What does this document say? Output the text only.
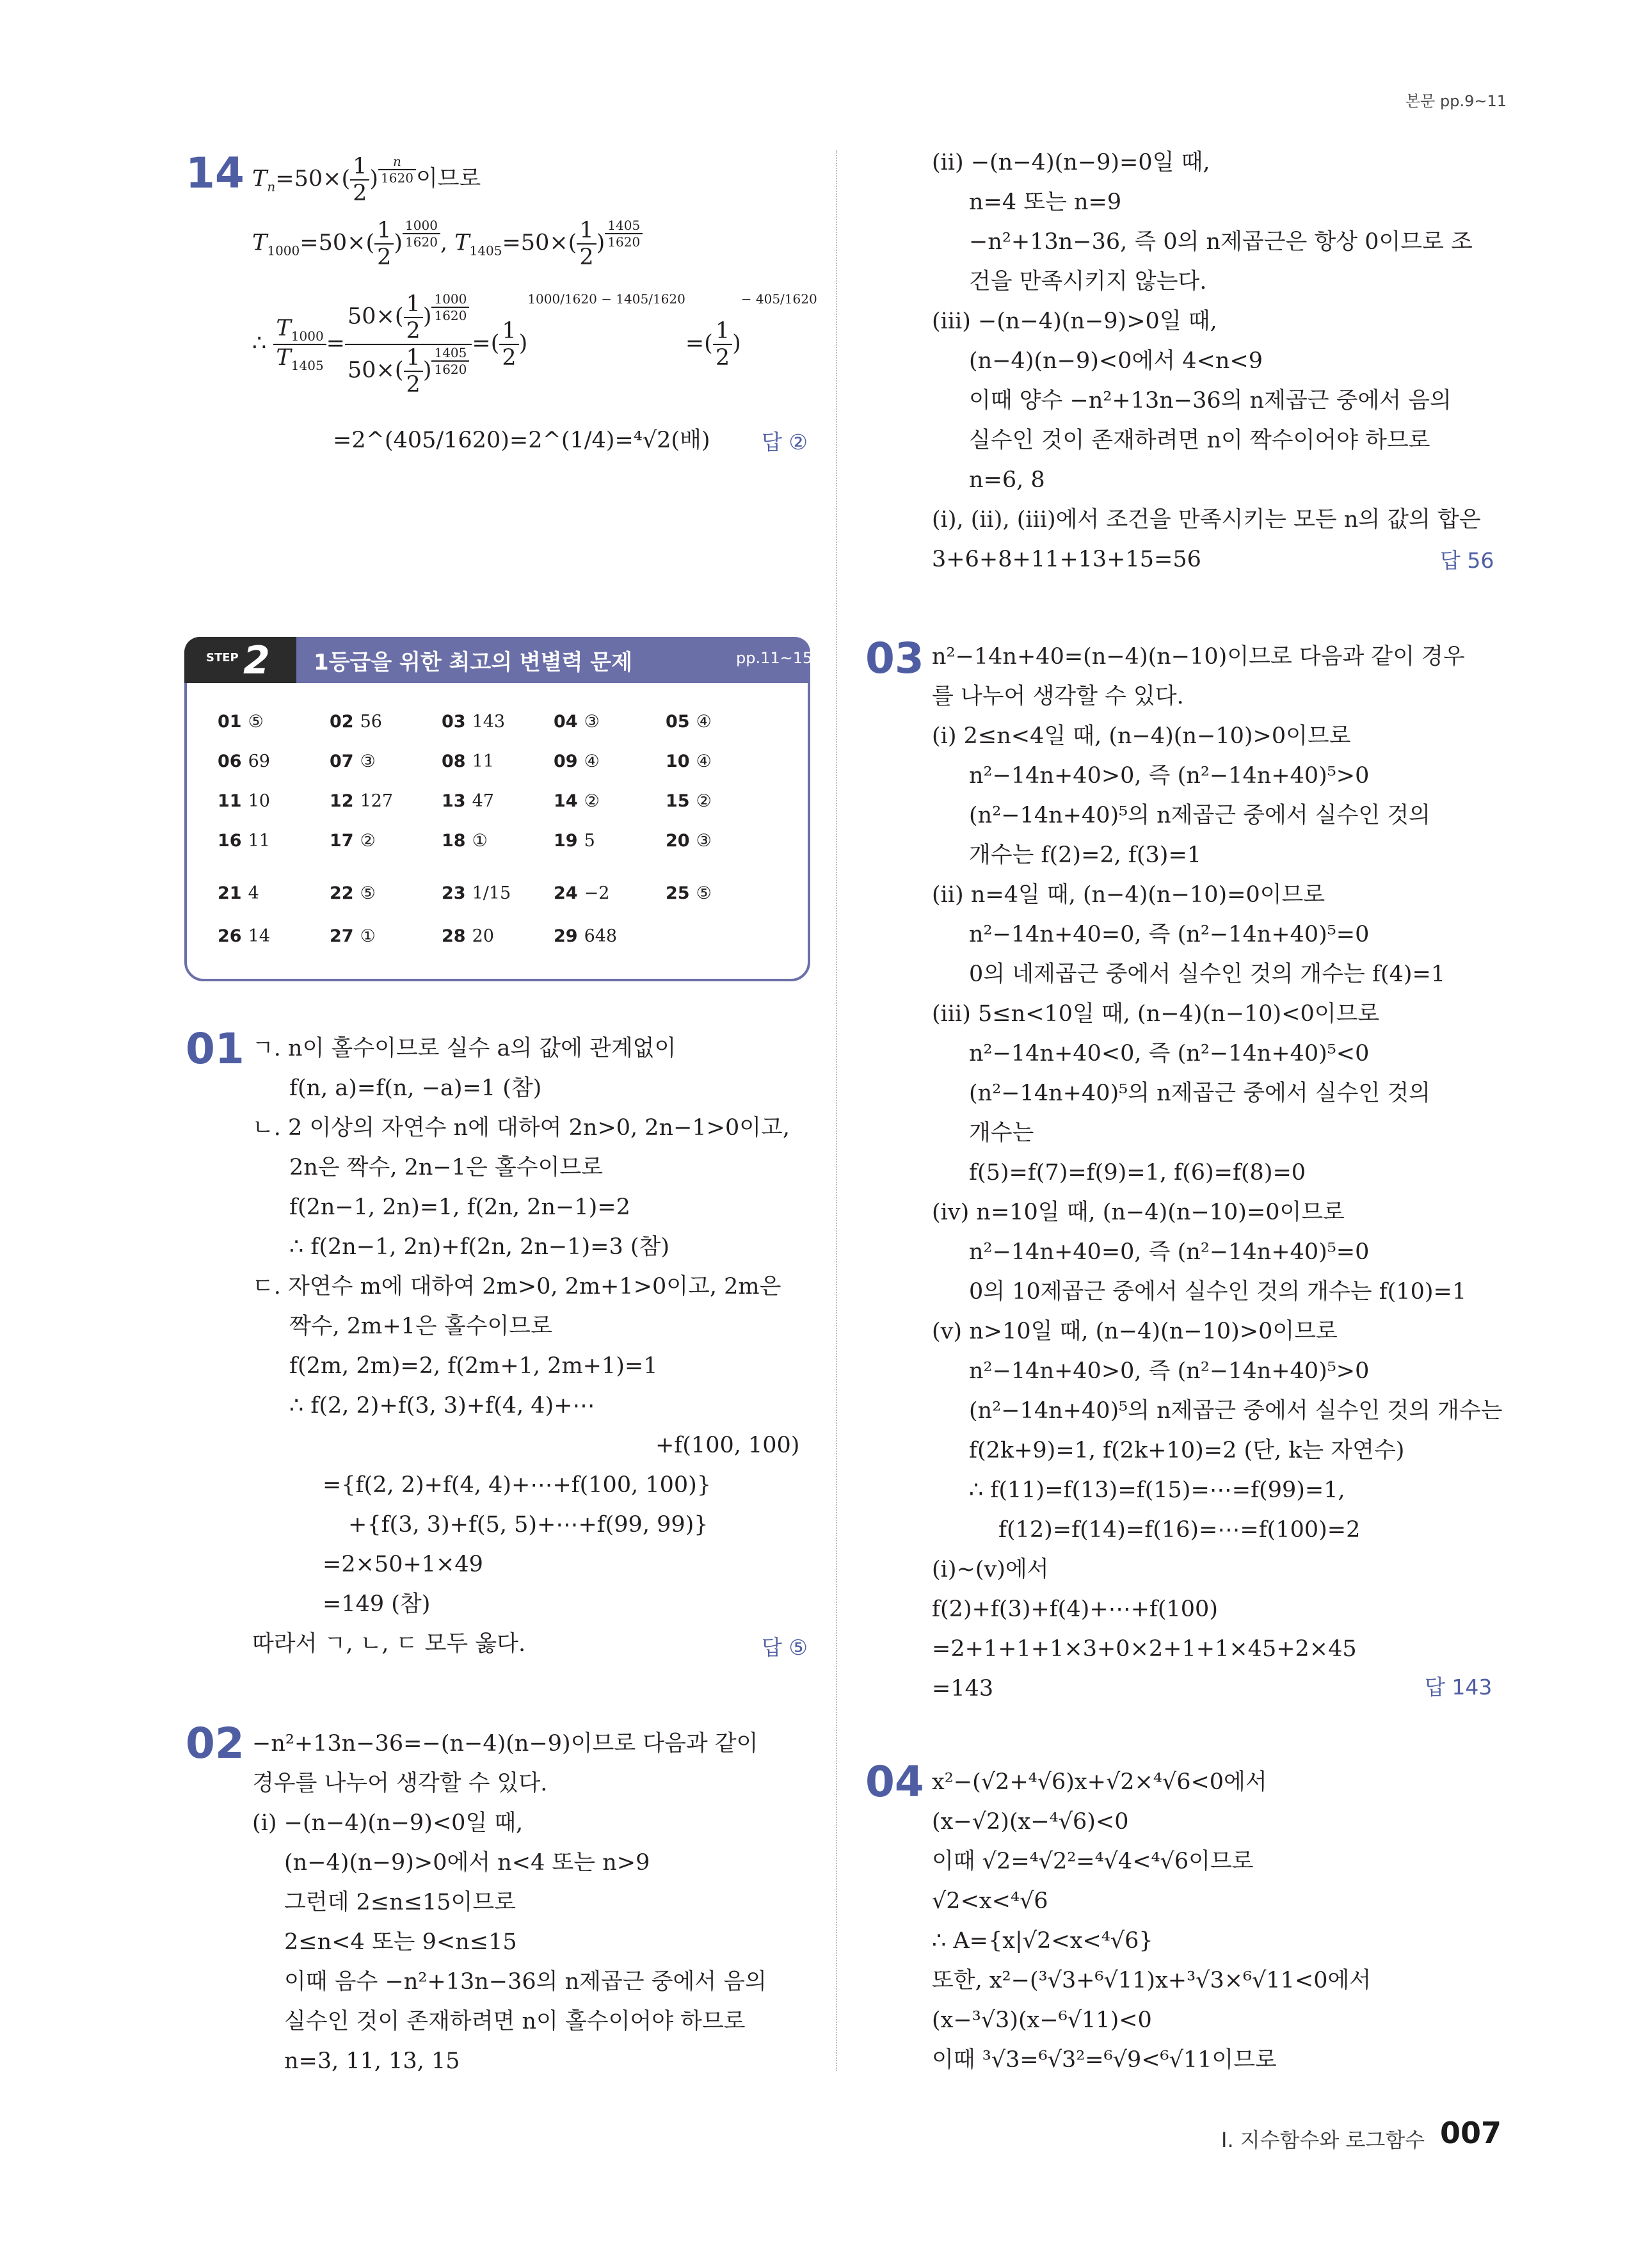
본문 pp.9~11
I. 지수함수와 로그함수 007
14 $T_n=50\times( \frac{1}{2}$ ) $\frac{n}{1620}$ 이므로
$T_{1000}=50\times( \frac{1}{2}$ ) $\frac{1000}{1620}$ , $T_{1405}=50\times( \frac{1}{2}$ ) $\frac{1405}{1620}$
∴ $\frac{T_{1000}}{T_{1405}} = \frac{50\times( \frac{1}{2} ) \frac{1000}{1620}}{50\times( \frac{1}{2} ) \frac{1405}{1620}}$ =( $\frac{1}{2} )^{1000/1620 - 1405/1620}=( \frac{1}{2} )^{- 405/1620}$
=2^(405/1620)=2^(1/4)=⁴√2(배) 답 ②
STEP 2 1등급을 위한 최고의 변별력 문제	pp.11~15
01 ⑤	02 56	03 143	04 ③	05 ④
06 69	07 ③	08 11	09 ④	10 ④
11 10	12 127	13 47	14 ②	15 ②
16 11	17 ②	18 ①	19 5	20 ③
21 4	22 ⑤	23 1/15 24 −2	25 ⑤
26 14	27 ①	28 20	29 648
01 ㄱ. n이 홀수이므로 실수 a의 값에 관계없이
f(n, a)=f(n, −a)=1 (참)
ㄴ. 2 이상의 자연수 n에 대하여 2n>0, 2n−1>0이고,
2n은 짝수, 2n−1은 홀수이므로
f(2n−1, 2n)=1, f(2n, 2n−1)=2
∴ f(2n−1, 2n)+f(2n, 2n−1)=3 (참)
ㄷ. 자연수 m에 대하여 2m>0, 2m+1>0이고, 2m은
짝수, 2m+1은 홀수이므로
f(2m, 2m)=2, f(2m+1, 2m+1)=1
∴ f(2, 2)+f(3, 3)+f(4, 4)+⋯
+f(100, 100)
={f(2, 2)+f(4, 4)+⋯+f(100, 100)}
+{f(3, 3)+f(5, 5)+⋯+f(99, 99)}
=2×50+1×49
=149 (참)
따라서 ㄱ, ㄴ, ㄷ 모두 옳다.	답 ⑤
02 −n²+13n−36=−(n−4)(n−9)이므로 다음과 같이
경우를 나누어 생각할 수 있다.
(ⅰ) −(n−4)(n−9)<0일 때,
(n−4)(n−9)>0에서 n<4 또는 n>9
그런데 2≤n≤15이므로
2≤n<4 또는 9<n≤15
이때 음수 −n²+13n−36의 n제곱근 중에서 음의
실수인 것이 존재하려면 n이 홀수이어야 하므로
n=3, 11, 13, 15
(ⅱ) −(n−4)(n−9)=0일 때,
n=4 또는 n=9
−n²+13n−36, 즉 0의 n제곱근은 항상 0이므로 조
건을 만족시키지 않는다.
(ⅲ) −(n−4)(n−9)>0일 때,
(n−4)(n−9)<0에서 4<n<9
이때 양수 −n²+13n−36의 n제곱근 중에서 음의
실수인 것이 존재하려면 n이 짝수이어야 하므로
n=6, 8
(ⅰ), (ⅱ), (ⅲ)에서 조건을 만족시키는 모든 n의 값의 합은
3+6+8+11+13+15=56	답 56
03 n²−14n+40=(n−4)(n−10)이므로 다음과 같이 경우
를 나누어 생각할 수 있다.
(ⅰ) 2≤n<4일 때, (n−4)(n−10)>0이므로
n²−14n+40>0, 즉 (n²−14n+40)⁵>0
(n²−14n+40)⁵의 n제곱근 중에서 실수인 것의
개수는 f(2)=2, f(3)=1
(ⅱ) n=4일 때, (n−4)(n−10)=0이므로
n²−14n+40=0, 즉 (n²−14n+40)⁵=0
0의 네제곱근 중에서 실수인 것의 개수는 f(4)=1
(ⅲ) 5≤n<10일 때, (n−4)(n−10)<0이므로
n²−14n+40<0, 즉 (n²−14n+40)⁵<0
(n²−14n+40)⁵의 n제곱근 중에서 실수인 것의
개수는
f(5)=f(7)=f(9)=1, f(6)=f(8)=0
(ⅳ) n=10일 때, (n−4)(n−10)=0이므로
n²−14n+40=0, 즉 (n²−14n+40)⁵=0
0의 10제곱근 중에서 실수인 것의 개수는 f(10)=1
(ⅴ) n>10일 때, (n−4)(n−10)>0이므로
n²−14n+40>0, 즉 (n²−14n+40)⁵>0
(n²−14n+40)⁵의 n제곱근 중에서 실수인 것의 개수는
f(2k+9)=1, f(2k+10)=2 (단, k는 자연수)
∴ f(11)=f(13)=f(15)=⋯=f(99)=1,
f(12)=f(14)=f(16)=⋯=f(100)=2
(ⅰ)~(ⅴ)에서
f(2)+f(3)+f(4)+⋯+f(100)
=2+1+1+1×3+0×2+1+1×45+2×45
=143	답 143
04 x²−(√2+⁴√6)x+√2×⁴√6<0에서
(x−√2)(x−⁴√6)<0
이때 √2=⁴√2²=⁴√4<⁴√6이므로
√2<x<⁴√6
∴ A={x|√2<x<⁴√6}
또한, x²−(³√3+⁶√11)x+³√3×⁶√11<0에서
(x−³√3)(x−⁶√11)<0
이때 ³√3=⁶√3²=⁶√9<⁶√11이므로
